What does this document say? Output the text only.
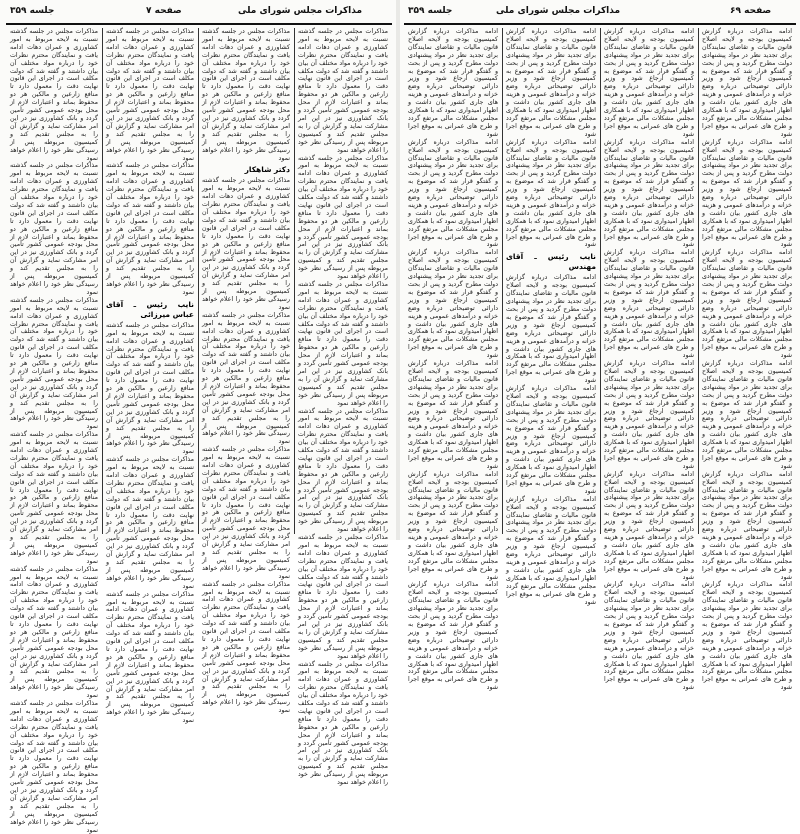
جلسه ۳۵۹	صفحه ۷	مذاکرات مجلس شورای ملی

مذاکرات مجلس در جلسه گذشته نسبت به لایحه مربوط به امور کشاورزی و عمران دهات ادامه یافت و نمایندگان محترم نظرات خود را درباره مواد مختلف آن بیان داشتند و گفته شد که دولت مکلف است در اجرای این قانون نهایت دقت را معمول دارد تا منافع زارعین و مالکین هر دو محفوظ بماند و اعتبارات لازم از محل بودجه عمومی کشور تأمین گردد و بانک کشاورزی نیز در این امر مشارکت نماید و گزارش آن را به مجلس تقدیم کند و کمیسیون مربوطه پس از رسیدگی نظر خود را اعلام خواهد نمود

مذاکرات مجلس در جلسه گذشته نسبت به لایحه مربوط به امور کشاورزی و عمران دهات ادامه یافت و نمایندگان محترم نظرات خود را درباره مواد مختلف آن بیان داشتند و گفته شد که دولت مکلف است در اجرای این قانون نهایت دقت را معمول دارد تا منافع زارعین و مالکین هر دو محفوظ بماند و اعتبارات لازم از محل بودجه عمومی کشور تأمین گردد و بانک کشاورزی نیز در این امر مشارکت نماید و گزارش آن را به مجلس تقدیم کند و کمیسیون مربوطه پس از رسیدگی نظر خود را اعلام خواهد نمود

مذاکرات مجلس در جلسه گذشته نسبت به لایحه مربوط به امور کشاورزی و عمران دهات ادامه یافت و نمایندگان محترم نظرات خود را درباره مواد مختلف آن بیان داشتند و گفته شد که دولت مکلف است در اجرای این قانون نهایت دقت را معمول دارد تا منافع زارعین و مالکین هر دو محفوظ بماند و اعتبارات لازم از محل بودجه عمومی کشور تأمین گردد و بانک کشاورزی نیز در این امر مشارکت نماید و گزارش آن را به مجلس تقدیم کند و کمیسیون مربوطه پس از رسیدگی نظر خود را اعلام خواهد نمود

مذاکرات مجلس در جلسه گذشته نسبت به لایحه مربوط به امور کشاورزی و عمران دهات ادامه یافت و نمایندگان محترم نظرات خود را درباره مواد مختلف آن بیان داشتند و گفته شد که دولت مکلف است در اجرای این قانون نهایت دقت را معمول دارد تا منافع زارعین و مالکین هر دو محفوظ بماند و اعتبارات لازم از محل بودجه عمومی کشور تأمین گردد و بانک کشاورزی نیز در این امر مشارکت نماید و گزارش آن را به مجلس تقدیم کند و کمیسیون مربوطه پس از رسیدگی نظر خود را اعلام خواهد نمود

مذاکرات مجلس در جلسه گذشته نسبت به لایحه مربوط به امور کشاورزی و عمران دهات ادامه یافت و نمایندگان محترم نظرات خود را درباره مواد مختلف آن بیان داشتند و گفته شد که دولت مکلف است در اجرای این قانون نهایت دقت را معمول دارد تا منافع زارعین و مالکین هر دو محفوظ بماند و اعتبارات لازم از محل بودجه عمومی کشور تأمین گردد و بانک کشاورزی نیز در این امر مشارکت نماید و گزارش آن را به مجلس تقدیم کند و کمیسیون مربوطه پس از رسیدگی نظر خود را اعلام خواهد نمود

مذاکرات مجلس در جلسه گذشته نسبت به لایحه مربوط به امور کشاورزی و عمران دهات ادامه یافت و نمایندگان محترم نظرات خود را درباره مواد مختلف آن بیان داشتند و گفته شد که دولت مکلف است در اجرای این قانون نهایت دقت را معمول دارد تا منافع زارعین و مالکین هر دو محفوظ بماند و اعتبارات لازم از محل بودجه عمومی کشور تأمین گردد و بانک کشاورزی نیز در این امر مشارکت نماید و گزارش آن را به مجلس تقدیم کند و کمیسیون مربوطه پس از رسیدگی نظر خود را اعلام خواهد نمود

مذاکرات مجلس در جلسه گذشته نسبت به لایحه مربوط به امور کشاورزی و عمران دهات ادامه یافت و نمایندگان محترم نظرات خود را درباره مواد مختلف آن بیان داشتند و گفته شد که دولت مکلف است در اجرای این قانون نهایت دقت را معمول دارد تا منافع زارعین و مالکین هر دو محفوظ بماند و اعتبارات لازم از محل بودجه عمومی کشور تأمین گردد و بانک کشاورزی نیز در این امر مشارکت نماید و گزارش آن را به مجلس تقدیم کند و کمیسیون مربوطه پس از رسیدگی نظر خود را اعلام خواهد نمود

مذاکرات مجلس در جلسه گذشته نسبت به لایحه مربوط به امور کشاورزی و عمران دهات ادامه یافت و نمایندگان محترم نظرات خود را درباره مواد مختلف آن بیان داشتند و گفته شد که دولت مکلف است در اجرای این قانون نهایت دقت را معمول دارد تا منافع زارعین و مالکین هر دو محفوظ بماند و اعتبارات لازم از محل بودجه عمومی کشور تأمین گردد و بانک کشاورزی نیز در این امر مشارکت نماید و گزارش آن را به مجلس تقدیم کند و کمیسیون مربوطه پس از رسیدگی نظر خود را اعلام خواهد نمود

نایب رئیس ـ آقای عباس میرزائی

مذاکرات مجلس در جلسه گذشته نسبت به لایحه مربوط به امور کشاورزی و عمران دهات ادامه یافت و نمایندگان محترم نظرات خود را درباره مواد مختلف آن بیان داشتند و گفته شد که دولت مکلف است در اجرای این قانون نهایت دقت را معمول دارد تا منافع زارعین و مالکین هر دو محفوظ بماند و اعتبارات لازم از محل بودجه عمومی کشور تأمین گردد و بانک کشاورزی نیز در این امر مشارکت نماید و گزارش آن را به مجلس تقدیم کند و کمیسیون مربوطه پس از رسیدگی نظر خود را اعلام خواهد نمود

مذاکرات مجلس در جلسه گذشته نسبت به لایحه مربوط به امور کشاورزی و عمران دهات ادامه یافت و نمایندگان محترم نظرات خود را درباره مواد مختلف آن بیان داشتند و گفته شد که دولت مکلف است در اجرای این قانون نهایت دقت را معمول دارد تا منافع زارعین و مالکین هر دو محفوظ بماند و اعتبارات لازم از محل بودجه عمومی کشور تأمین گردد و بانک کشاورزی نیز در این امر مشارکت نماید و گزارش آن را به مجلس تقدیم کند و کمیسیون مربوطه پس از رسیدگی نظر خود را اعلام خواهد نمود

مذاکرات مجلس در جلسه گذشته نسبت به لایحه مربوط به امور کشاورزی و عمران دهات ادامه یافت و نمایندگان محترم نظرات خود را درباره مواد مختلف آن بیان داشتند و گفته شد که دولت مکلف است در اجرای این قانون نهایت دقت را معمول دارد تا منافع زارعین و مالکین هر دو محفوظ بماند و اعتبارات لازم از محل بودجه عمومی کشور تأمین گردد و بانک کشاورزی نیز در این امر مشارکت نماید و گزارش آن را به مجلس تقدیم کند و کمیسیون مربوطه پس از رسیدگی نظر خود را اعلام خواهد نمود

مذاکرات مجلس در جلسه گذشته نسبت به لایحه مربوط به امور کشاورزی و عمران دهات ادامه یافت و نمایندگان محترم نظرات خود را درباره مواد مختلف آن بیان داشتند و گفته شد که دولت مکلف است در اجرای این قانون نهایت دقت را معمول دارد تا منافع زارعین و مالکین هر دو محفوظ بماند و اعتبارات لازم از محل بودجه عمومی کشور تأمین گردد و بانک کشاورزی نیز در این امر مشارکت نماید و گزارش آن را به مجلس تقدیم کند و کمیسیون مربوطه پس از رسیدگی نظر خود را اعلام خواهد نمود

دکتر شاهکار

مذاکرات مجلس در جلسه گذشته نسبت به لایحه مربوط به امور کشاورزی و عمران دهات ادامه یافت و نمایندگان محترم نظرات خود را درباره مواد مختلف آن بیان داشتند و گفته شد که دولت مکلف است در اجرای این قانون نهایت دقت را معمول دارد تا منافع زارعین و مالکین هر دو محفوظ بماند و اعتبارات لازم از محل بودجه عمومی کشور تأمین گردد و بانک کشاورزی نیز در این امر مشارکت نماید و گزارش آن را به مجلس تقدیم کند و کمیسیون مربوطه پس از رسیدگی نظر خود را اعلام خواهد نمود

مذاکرات مجلس در جلسه گذشته نسبت به لایحه مربوط به امور کشاورزی و عمران دهات ادامه یافت و نمایندگان محترم نظرات خود را درباره مواد مختلف آن بیان داشتند و گفته شد که دولت مکلف است در اجرای این قانون نهایت دقت را معمول دارد تا منافع زارعین و مالکین هر دو محفوظ بماند و اعتبارات لازم از محل بودجه عمومی کشور تأمین گردد و بانک کشاورزی نیز در این امر مشارکت نماید و گزارش آن را به مجلس تقدیم کند و کمیسیون مربوطه پس از رسیدگی نظر خود را اعلام خواهد نمود

مذاکرات مجلس در جلسه گذشته نسبت به لایحه مربوط به امور کشاورزی و عمران دهات ادامه یافت و نمایندگان محترم نظرات خود را درباره مواد مختلف آن بیان داشتند و گفته شد که دولت مکلف است در اجرای این قانون نهایت دقت را معمول دارد تا منافع زارعین و مالکین هر دو محفوظ بماند و اعتبارات لازم از محل بودجه عمومی کشور تأمین گردد و بانک کشاورزی نیز در این امر مشارکت نماید و گزارش آن را به مجلس تقدیم کند و کمیسیون مربوطه پس از رسیدگی نظر خود را اعلام خواهد نمود

مذاکرات مجلس در جلسه گذشته نسبت به لایحه مربوط به امور کشاورزی و عمران دهات ادامه یافت و نمایندگان محترم نظرات خود را درباره مواد مختلف آن بیان داشتند و گفته شد که دولت مکلف است در اجرای این قانون نهایت دقت را معمول دارد تا منافع زارعین و مالکین هر دو محفوظ بماند و اعتبارات لازم از محل بودجه عمومی کشور تأمین گردد و بانک کشاورزی نیز در این امر مشارکت نماید و گزارش آن را به مجلس تقدیم کند و کمیسیون مربوطه پس از رسیدگی نظر خود را اعلام خواهد نمود

مذاکرات مجلس در جلسه گذشته نسبت به لایحه مربوط به امور کشاورزی و عمران دهات ادامه یافت و نمایندگان محترم نظرات خود را درباره مواد مختلف آن بیان داشتند و گفته شد که دولت مکلف است در اجرای این قانون نهایت دقت را معمول دارد تا منافع زارعین و مالکین هر دو محفوظ بماند و اعتبارات لازم از محل بودجه عمومی کشور تأمین گردد و بانک کشاورزی نیز در این امر مشارکت نماید و گزارش آن را به مجلس تقدیم کند و کمیسیون مربوطه پس از رسیدگی نظر خود را اعلام خواهد نمود

مذاکرات مجلس در جلسه گذشته نسبت به لایحه مربوط به امور کشاورزی و عمران دهات ادامه یافت و نمایندگان محترم نظرات خود را درباره مواد مختلف آن بیان داشتند و گفته شد که دولت مکلف است در اجرای این قانون نهایت دقت را معمول دارد تا منافع زارعین و مالکین هر دو محفوظ بماند و اعتبارات لازم از محل بودجه عمومی کشور تأمین گردد و بانک کشاورزی نیز در این امر مشارکت نماید و گزارش آن را به مجلس تقدیم کند و کمیسیون مربوطه پس از رسیدگی نظر خود را اعلام خواهد نمود

مذاکرات مجلس در جلسه گذشته نسبت به لایحه مربوط به امور کشاورزی و عمران دهات ادامه یافت و نمایندگان محترم نظرات خود را درباره مواد مختلف آن بیان داشتند و گفته شد که دولت مکلف است در اجرای این قانون نهایت دقت را معمول دارد تا منافع زارعین و مالکین هر دو محفوظ بماند و اعتبارات لازم از محل بودجه عمومی کشور تأمین گردد و بانک کشاورزی نیز در این امر مشارکت نماید و گزارش آن را به مجلس تقدیم کند و کمیسیون مربوطه پس از رسیدگی نظر خود را اعلام خواهد نمود

مذاکرات مجلس در جلسه گذشته نسبت به لایحه مربوط به امور کشاورزی و عمران دهات ادامه یافت و نمایندگان محترم نظرات خود را درباره مواد مختلف آن بیان داشتند و گفته شد که دولت مکلف است در اجرای این قانون نهایت دقت را معمول دارد تا منافع زارعین و مالکین هر دو محفوظ بماند و اعتبارات لازم از محل بودجه عمومی کشور تأمین گردد و بانک کشاورزی نیز در این امر مشارکت نماید و گزارش آن را به مجلس تقدیم کند و کمیسیون مربوطه پس از رسیدگی نظر خود را اعلام خواهد نمود

مذاکرات مجلس در جلسه گذشته نسبت به لایحه مربوط به امور کشاورزی و عمران دهات ادامه یافت و نمایندگان محترم نظرات خود را درباره مواد مختلف آن بیان داشتند و گفته شد که دولت مکلف است در اجرای این قانون نهایت دقت را معمول دارد تا منافع زارعین و مالکین هر دو محفوظ بماند و اعتبارات لازم از محل بودجه عمومی کشور تأمین گردد و بانک کشاورزی نیز در این امر مشارکت نماید و گزارش آن را به مجلس تقدیم کند و کمیسیون مربوطه پس از رسیدگی نظر خود را اعلام خواهد نمود

مذاکرات مجلس در جلسه گذشته نسبت به لایحه مربوط به امور کشاورزی و عمران دهات ادامه یافت و نمایندگان محترم نظرات خود را درباره مواد مختلف آن بیان داشتند و گفته شد که دولت مکلف است در اجرای این قانون نهایت دقت را معمول دارد تا منافع زارعین و مالکین هر دو محفوظ بماند و اعتبارات لازم از محل بودجه عمومی کشور تأمین گردد و بانک کشاورزی نیز در این امر مشارکت نماید و گزارش آن را به مجلس تقدیم کند و کمیسیون مربوطه پس از رسیدگی نظر خود را اعلام خواهد نمود

جلسه ۳۵۹	مذاکرات مجلس شورای ملی	صفحه ۶۹

ادامه مذاکرات درباره گزارش کمیسیون بودجه و لایحه اصلاح قانون مالیات و تقاضای نمایندگان برای تجدید نظر در مواد پیشنهادی دولت مطرح گردید و پس از بحث و گفتگو قرار شد که موضوع به کمیسیون ارجاع شود و وزیر دارائی توضیحاتی درباره وضع خزانه و درآمدهای عمومی و هزینه های جاری کشور بیان داشت و اظهار امیدواری نمود که با همکاری مجلس مشکلات مالی مرتفع گردد و طرح های عمرانی به موقع اجرا شود

ادامه مذاکرات درباره گزارش کمیسیون بودجه و لایحه اصلاح قانون مالیات و تقاضای نمایندگان برای تجدید نظر در مواد پیشنهادی دولت مطرح گردید و پس از بحث و گفتگو قرار شد که موضوع به کمیسیون ارجاع شود و وزیر دارائی توضیحاتی درباره وضع خزانه و درآمدهای عمومی و هزینه های جاری کشور بیان داشت و اظهار امیدواری نمود که با همکاری مجلس مشکلات مالی مرتفع گردد و طرح های عمرانی به موقع اجرا شود

ادامه مذاکرات درباره گزارش کمیسیون بودجه و لایحه اصلاح قانون مالیات و تقاضای نمایندگان برای تجدید نظر در مواد پیشنهادی دولت مطرح گردید و پس از بحث و گفتگو قرار شد که موضوع به کمیسیون ارجاع شود و وزیر دارائی توضیحاتی درباره وضع خزانه و درآمدهای عمومی و هزینه های جاری کشور بیان داشت و اظهار امیدواری نمود که با همکاری مجلس مشکلات مالی مرتفع گردد و طرح های عمرانی به موقع اجرا شود

ادامه مذاکرات درباره گزارش کمیسیون بودجه و لایحه اصلاح قانون مالیات و تقاضای نمایندگان برای تجدید نظر در مواد پیشنهادی دولت مطرح گردید و پس از بحث و گفتگو قرار شد که موضوع به کمیسیون ارجاع شود و وزیر دارائی توضیحاتی درباره وضع خزانه و درآمدهای عمومی و هزینه های جاری کشور بیان داشت و اظهار امیدواری نمود که با همکاری مجلس مشکلات مالی مرتفع گردد و طرح های عمرانی به موقع اجرا شود

ادامه مذاکرات درباره گزارش کمیسیون بودجه و لایحه اصلاح قانون مالیات و تقاضای نمایندگان برای تجدید نظر در مواد پیشنهادی دولت مطرح گردید و پس از بحث و گفتگو قرار شد که موضوع به کمیسیون ارجاع شود و وزیر دارائی توضیحاتی درباره وضع خزانه و درآمدهای عمومی و هزینه های جاری کشور بیان داشت و اظهار امیدواری نمود که با همکاری مجلس مشکلات مالی مرتفع گردد و طرح های عمرانی به موقع اجرا شود

ادامه مذاکرات درباره گزارش کمیسیون بودجه و لایحه اصلاح قانون مالیات و تقاضای نمایندگان برای تجدید نظر در مواد پیشنهادی دولت مطرح گردید و پس از بحث و گفتگو قرار شد که موضوع به کمیسیون ارجاع شود و وزیر دارائی توضیحاتی درباره وضع خزانه و درآمدهای عمومی و هزینه های جاری کشور بیان داشت و اظهار امیدواری نمود که با همکاری مجلس مشکلات مالی مرتفع گردد و طرح های عمرانی به موقع اجرا شود

ادامه مذاکرات درباره گزارش کمیسیون بودجه و لایحه اصلاح قانون مالیات و تقاضای نمایندگان برای تجدید نظر در مواد پیشنهادی دولت مطرح گردید و پس از بحث و گفتگو قرار شد که موضوع به کمیسیون ارجاع شود و وزیر دارائی توضیحاتی درباره وضع خزانه و درآمدهای عمومی و هزینه های جاری کشور بیان داشت و اظهار امیدواری نمود که با همکاری مجلس مشکلات مالی مرتفع گردد و طرح های عمرانی به موقع اجرا شود

ادامه مذاکرات درباره گزارش کمیسیون بودجه و لایحه اصلاح قانون مالیات و تقاضای نمایندگان برای تجدید نظر در مواد پیشنهادی دولت مطرح گردید و پس از بحث و گفتگو قرار شد که موضوع به کمیسیون ارجاع شود و وزیر دارائی توضیحاتی درباره وضع خزانه و درآمدهای عمومی و هزینه های جاری کشور بیان داشت و اظهار امیدواری نمود که با همکاری مجلس مشکلات مالی مرتفع گردد و طرح های عمرانی به موقع اجرا شود

نایب رئیس ـ آقای مهندس

ادامه مذاکرات درباره گزارش کمیسیون بودجه و لایحه اصلاح قانون مالیات و تقاضای نمایندگان برای تجدید نظر در مواد پیشنهادی دولت مطرح گردید و پس از بحث و گفتگو قرار شد که موضوع به کمیسیون ارجاع شود و وزیر دارائی توضیحاتی درباره وضع خزانه و درآمدهای عمومی و هزینه های جاری کشور بیان داشت و اظهار امیدواری نمود که با همکاری مجلس مشکلات مالی مرتفع گردد و طرح های عمرانی به موقع اجرا شود

ادامه مذاکرات درباره گزارش کمیسیون بودجه و لایحه اصلاح قانون مالیات و تقاضای نمایندگان برای تجدید نظر در مواد پیشنهادی دولت مطرح گردید و پس از بحث و گفتگو قرار شد که موضوع به کمیسیون ارجاع شود و وزیر دارائی توضیحاتی درباره وضع خزانه و درآمدهای عمومی و هزینه های جاری کشور بیان داشت و اظهار امیدواری نمود که با همکاری مجلس مشکلات مالی مرتفع گردد و طرح های عمرانی به موقع اجرا شود

ادامه مذاکرات درباره گزارش کمیسیون بودجه و لایحه اصلاح قانون مالیات و تقاضای نمایندگان برای تجدید نظر در مواد پیشنهادی دولت مطرح گردید و پس از بحث و گفتگو قرار شد که موضوع به کمیسیون ارجاع شود و وزیر دارائی توضیحاتی درباره وضع خزانه و درآمدهای عمومی و هزینه های جاری کشور بیان داشت و اظهار امیدواری نمود که با همکاری مجلس مشکلات مالی مرتفع گردد و طرح های عمرانی به موقع اجرا شود

ادامه مذاکرات درباره گزارش کمیسیون بودجه و لایحه اصلاح قانون مالیات و تقاضای نمایندگان برای تجدید نظر در مواد پیشنهادی دولت مطرح گردید و پس از بحث و گفتگو قرار شد که موضوع به کمیسیون ارجاع شود و وزیر دارائی توضیحاتی درباره وضع خزانه و درآمدهای عمومی و هزینه های جاری کشور بیان داشت و اظهار امیدواری نمود که با همکاری مجلس مشکلات مالی مرتفع گردد و طرح های عمرانی به موقع اجرا شود

ادامه مذاکرات درباره گزارش کمیسیون بودجه و لایحه اصلاح قانون مالیات و تقاضای نمایندگان برای تجدید نظر در مواد پیشنهادی دولت مطرح گردید و پس از بحث و گفتگو قرار شد که موضوع به کمیسیون ارجاع شود و وزیر دارائی توضیحاتی درباره وضع خزانه و درآمدهای عمومی و هزینه های جاری کشور بیان داشت و اظهار امیدواری نمود که با همکاری مجلس مشکلات مالی مرتفع گردد و طرح های عمرانی به موقع اجرا شود

ادامه مذاکرات درباره گزارش کمیسیون بودجه و لایحه اصلاح قانون مالیات و تقاضای نمایندگان برای تجدید نظر در مواد پیشنهادی دولت مطرح گردید و پس از بحث و گفتگو قرار شد که موضوع به کمیسیون ارجاع شود و وزیر دارائی توضیحاتی درباره وضع خزانه و درآمدهای عمومی و هزینه های جاری کشور بیان داشت و اظهار امیدواری نمود که با همکاری مجلس مشکلات مالی مرتفع گردد و طرح های عمرانی به موقع اجرا شود

ادامه مذاکرات درباره گزارش کمیسیون بودجه و لایحه اصلاح قانون مالیات و تقاضای نمایندگان برای تجدید نظر در مواد پیشنهادی دولت مطرح گردید و پس از بحث و گفتگو قرار شد که موضوع به کمیسیون ارجاع شود و وزیر دارائی توضیحاتی درباره وضع خزانه و درآمدهای عمومی و هزینه های جاری کشور بیان داشت و اظهار امیدواری نمود که با همکاری مجلس مشکلات مالی مرتفع گردد و طرح های عمرانی به موقع اجرا شود

ادامه مذاکرات درباره گزارش کمیسیون بودجه و لایحه اصلاح قانون مالیات و تقاضای نمایندگان برای تجدید نظر در مواد پیشنهادی دولت مطرح گردید و پس از بحث و گفتگو قرار شد که موضوع به کمیسیون ارجاع شود و وزیر دارائی توضیحاتی درباره وضع خزانه و درآمدهای عمومی و هزینه های جاری کشور بیان داشت و اظهار امیدواری نمود که با همکاری مجلس مشکلات مالی مرتفع گردد و طرح های عمرانی به موقع اجرا شود

ادامه مذاکرات درباره گزارش کمیسیون بودجه و لایحه اصلاح قانون مالیات و تقاضای نمایندگان برای تجدید نظر در مواد پیشنهادی دولت مطرح گردید و پس از بحث و گفتگو قرار شد که موضوع به کمیسیون ارجاع شود و وزیر دارائی توضیحاتی درباره وضع خزانه و درآمدهای عمومی و هزینه های جاری کشور بیان داشت و اظهار امیدواری نمود که با همکاری مجلس مشکلات مالی مرتفع گردد و طرح های عمرانی به موقع اجرا شود

ادامه مذاکرات درباره گزارش کمیسیون بودجه و لایحه اصلاح قانون مالیات و تقاضای نمایندگان برای تجدید نظر در مواد پیشنهادی دولت مطرح گردید و پس از بحث و گفتگو قرار شد که موضوع به کمیسیون ارجاع شود و وزیر دارائی توضیحاتی درباره وضع خزانه و درآمدهای عمومی و هزینه های جاری کشور بیان داشت و اظهار امیدواری نمود که با همکاری مجلس مشکلات مالی مرتفع گردد و طرح های عمرانی به موقع اجرا شود

ادامه مذاکرات درباره گزارش کمیسیون بودجه و لایحه اصلاح قانون مالیات و تقاضای نمایندگان برای تجدید نظر در مواد پیشنهادی دولت مطرح گردید و پس از بحث و گفتگو قرار شد که موضوع به کمیسیون ارجاع شود و وزیر دارائی توضیحاتی درباره وضع خزانه و درآمدهای عمومی و هزینه های جاری کشور بیان داشت و اظهار امیدواری نمود که با همکاری مجلس مشکلات مالی مرتفع گردد و طرح های عمرانی به موقع اجرا شود

ادامه مذاکرات درباره گزارش کمیسیون بودجه و لایحه اصلاح قانون مالیات و تقاضای نمایندگان برای تجدید نظر در مواد پیشنهادی دولت مطرح گردید و پس از بحث و گفتگو قرار شد که موضوع به کمیسیون ارجاع شود و وزیر دارائی توضیحاتی درباره وضع خزانه و درآمدهای عمومی و هزینه های جاری کشور بیان داشت و اظهار امیدواری نمود که با همکاری مجلس مشکلات مالی مرتفع گردد و طرح های عمرانی به موقع اجرا شود

ادامه مذاکرات درباره گزارش کمیسیون بودجه و لایحه اصلاح قانون مالیات و تقاضای نمایندگان برای تجدید نظر در مواد پیشنهادی دولت مطرح گردید و پس از بحث و گفتگو قرار شد که موضوع به کمیسیون ارجاع شود و وزیر دارائی توضیحاتی درباره وضع خزانه و درآمدهای عمومی و هزینه های جاری کشور بیان داشت و اظهار امیدواری نمود که با همکاری مجلس مشکلات مالی مرتفع گردد و طرح های عمرانی به موقع اجرا شود

ادامه مذاکرات درباره گزارش کمیسیون بودجه و لایحه اصلاح قانون مالیات و تقاضای نمایندگان برای تجدید نظر در مواد پیشنهادی دولت مطرح گردید و پس از بحث و گفتگو قرار شد که موضوع به کمیسیون ارجاع شود و وزیر دارائی توضیحاتی درباره وضع خزانه و درآمدهای عمومی و هزینه های جاری کشور بیان داشت و اظهار امیدواری نمود که با همکاری مجلس مشکلات مالی مرتفع گردد و طرح های عمرانی به موقع اجرا شود

ادامه مذاکرات درباره گزارش کمیسیون بودجه و لایحه اصلاح قانون مالیات و تقاضای نمایندگان برای تجدید نظر در مواد پیشنهادی دولت مطرح گردید و پس از بحث و گفتگو قرار شد که موضوع به کمیسیون ارجاع شود و وزیر دارائی توضیحاتی درباره وضع خزانه و درآمدهای عمومی و هزینه های جاری کشور بیان داشت و اظهار امیدواری نمود که با همکاری مجلس مشکلات مالی مرتفع گردد و طرح های عمرانی به موقع اجرا شود
